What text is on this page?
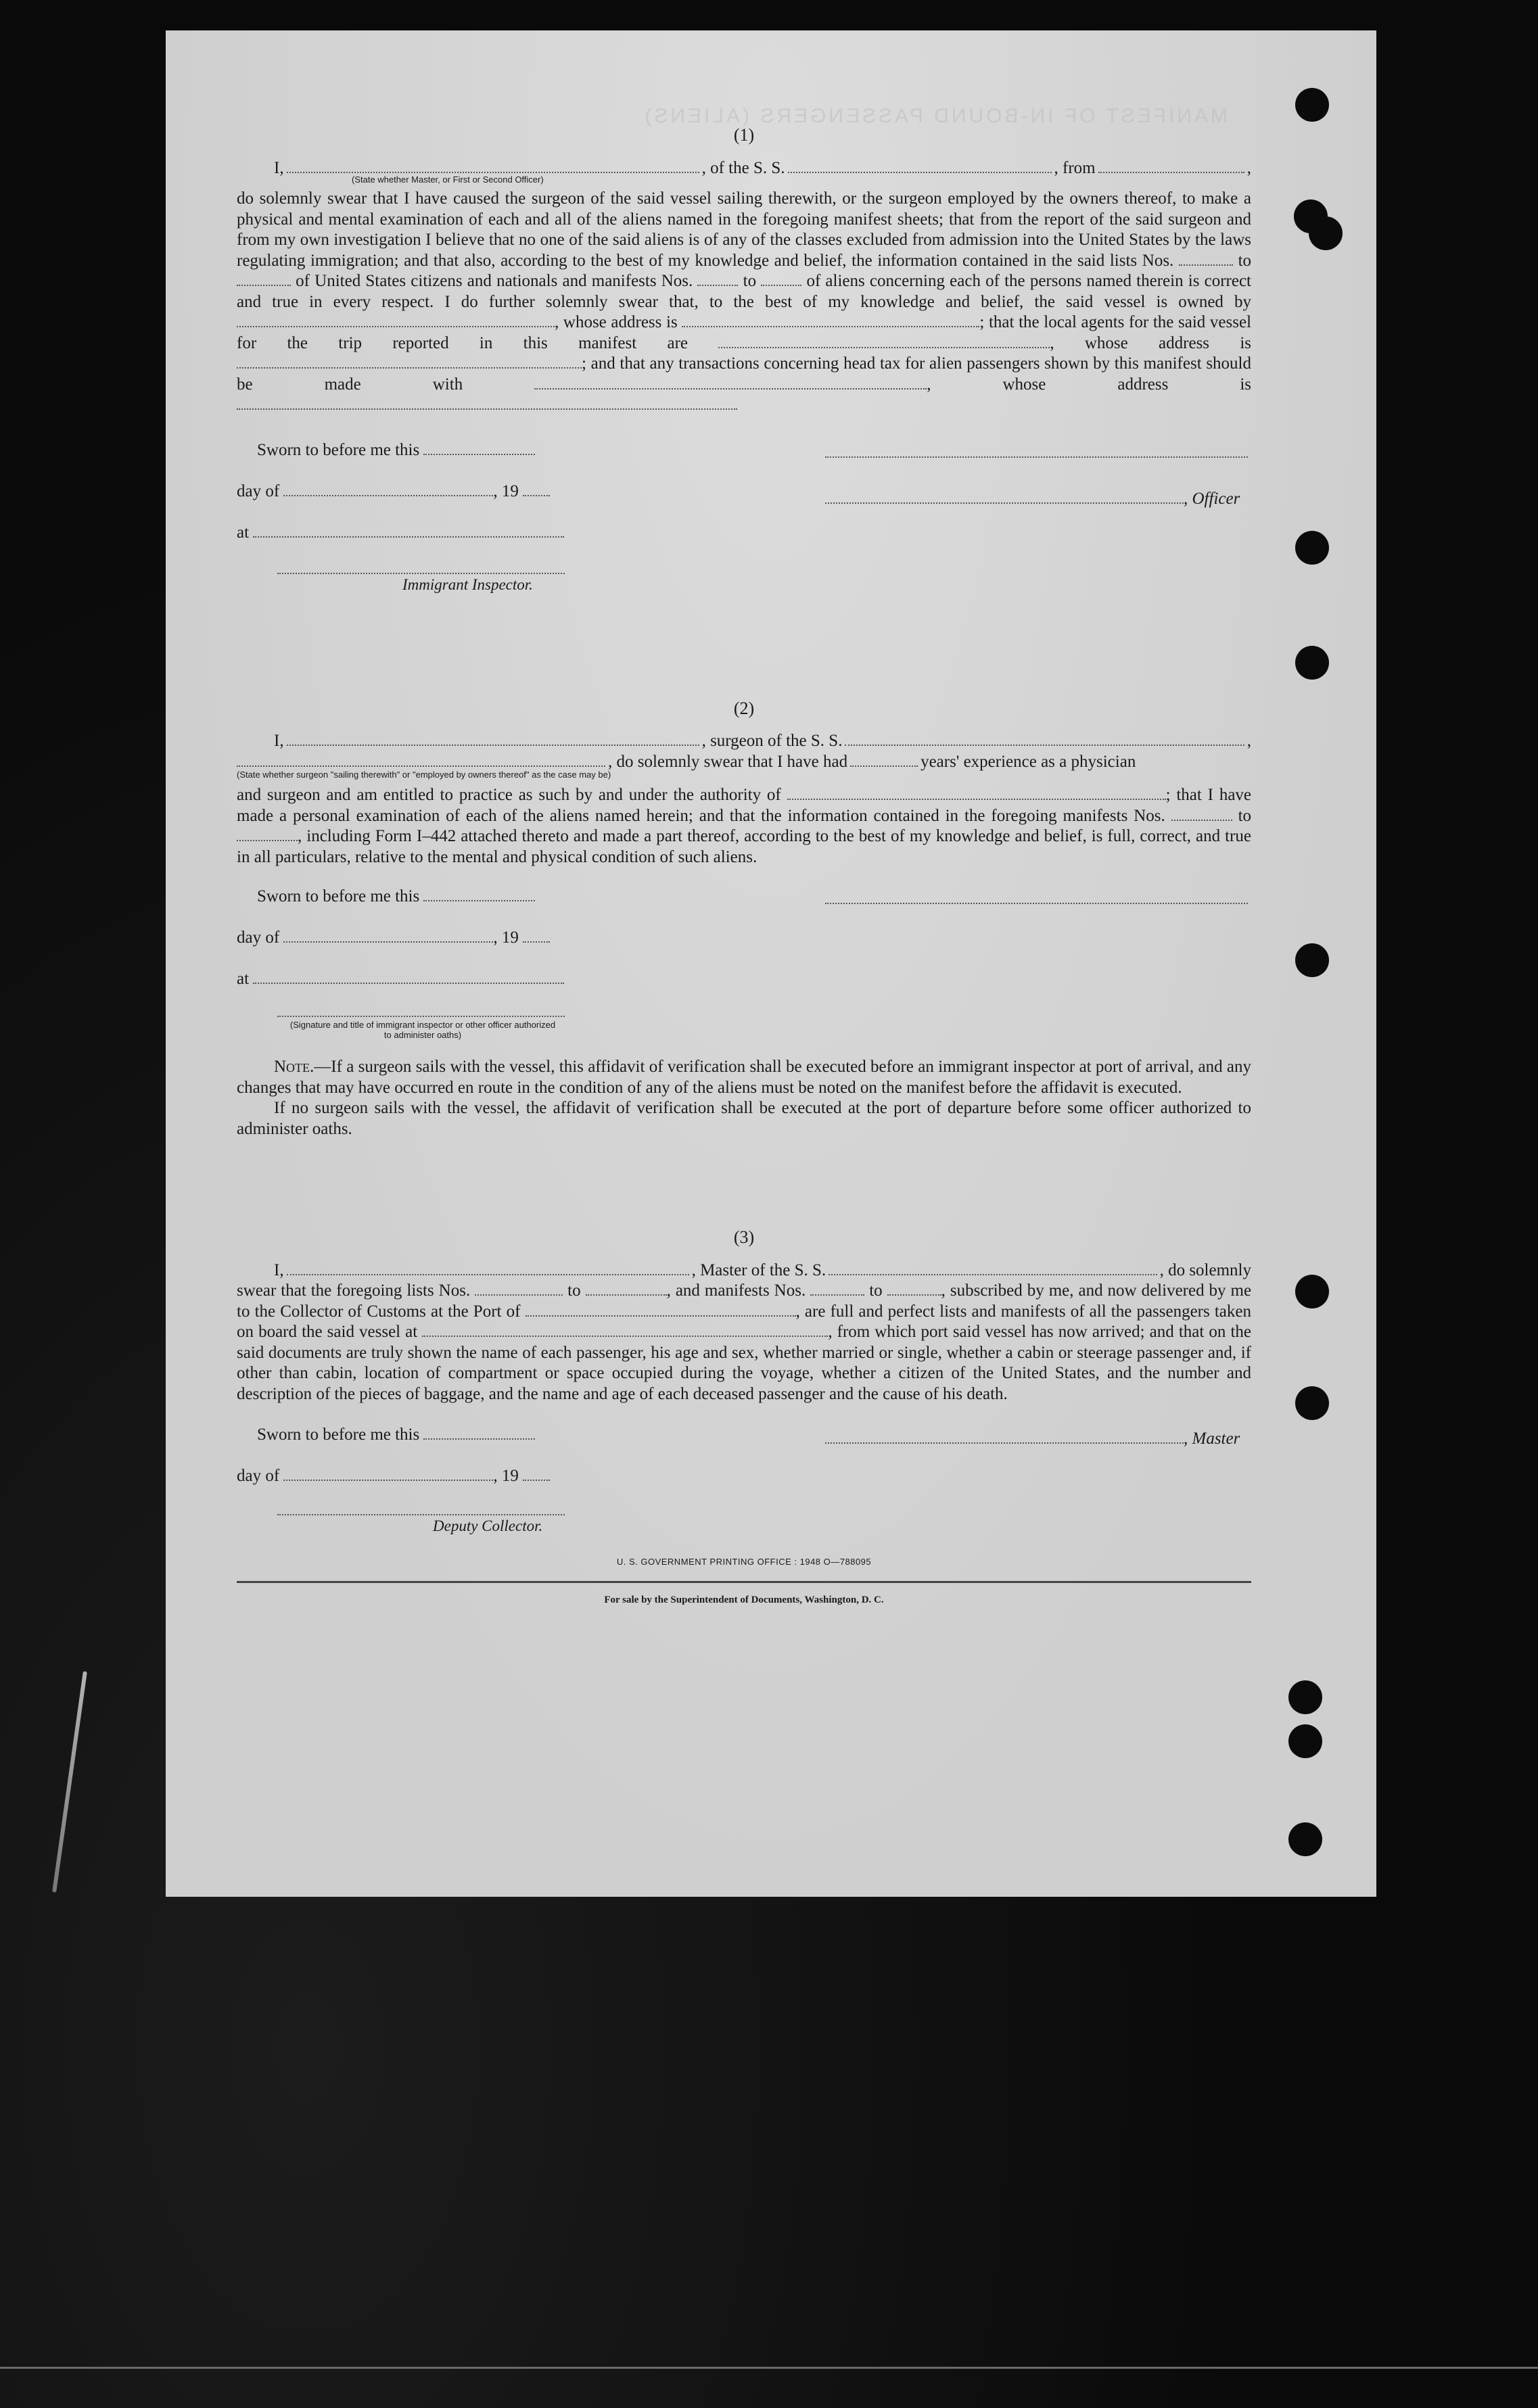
MANIFEST OF IN-BOUND PASSENGERS (ALIENS)
(1)
I,	, of the S. S.	, from	,
(State whether Master, or First or Second Officer)

do solemnly swear that I have caused the surgeon of the said vessel sailing therewith, or the surgeon employed by the owners thereof, to make a physical and mental examination of each and all of the aliens named in the foregoing manifest sheets; that from the report of the said surgeon and from my own investigation I believe that no one of the said aliens is of any of the classes excluded from admission into the United States by the laws regulating immigration; and that also, according to the best of my knowledge and belief, the information contained in the said lists Nos.	to  of United States citizens and nationals and manifests Nos.	to	of aliens concerning each of the persons named therein is correct and true in every respect. I do further solemnly swear that, to the best of my knowledge and belief, the said vessel is owned by , whose address is	; that the local agents for the said vessel for the trip reported in this manifest are	, whose address is ; and that any transactions concerning head tax for alien passengers shown by this manifest should be made with	, whose address is

Sworn to before me this
day of	, 19	, Officer
at
Immigrant Inspector.
(2)
I,	, surgeon of the S. S.	,
, do solemnly swear that I have had	years' experience as a physician
(State whether surgeon "sailing therewith" or "employed by owners thereof" as the case may be)

and surgeon and am entitled to practice as such by and under the authority of	; that I have made a personal examination of each of the aliens named herein; and that the information contained in the foregoing manifests Nos.	to , including Form I–442 attached thereto and made a part thereof, according to the best of my knowledge and belief, is full, correct, and true in all particulars, relative to the mental and physical condition of such aliens.

Sworn to before me this
day of	, 19
at
(Signature and title of immigrant inspector or other officer authorized to administer oaths)

Note.—If a surgeon sails with the vessel, this affidavit of verification shall be executed before an immigrant inspector at port of arrival, and any changes that may have occurred en route in the condition of any of the aliens must be noted on the manifest before the affidavit is executed.

If no surgeon sails with the vessel, the affidavit of verification shall be executed at the port of departure before some officer authorized to administer oaths.

(3)
I,	, Master of the S. S.	, do solemnly

swear that the foregoing lists Nos.	to	, and manifests Nos.	to	, subscribed by me, and now delivered by me to the Collector of Customs at the Port of	, are full and perfect lists and manifests of all the passengers taken on board the said vessel at	, from which port said vessel has now arrived; and that on the said documents are truly shown the name of each passenger, his age and sex, whether married or single, whether a cabin or steerage passenger and, if other than cabin, location of compartment or space occupied during the voyage, whether a citizen of the United States, and the number and description of the pieces of baggage, and the name and age of each deceased passenger and the cause of his death.

Sworn to before me this	, Master
day of	, 19
Deputy Collector.
U. S. GOVERNMENT PRINTING OFFICE : 1948 O—788095
For sale by the Superintendent of Documents, Washington, D. C.
